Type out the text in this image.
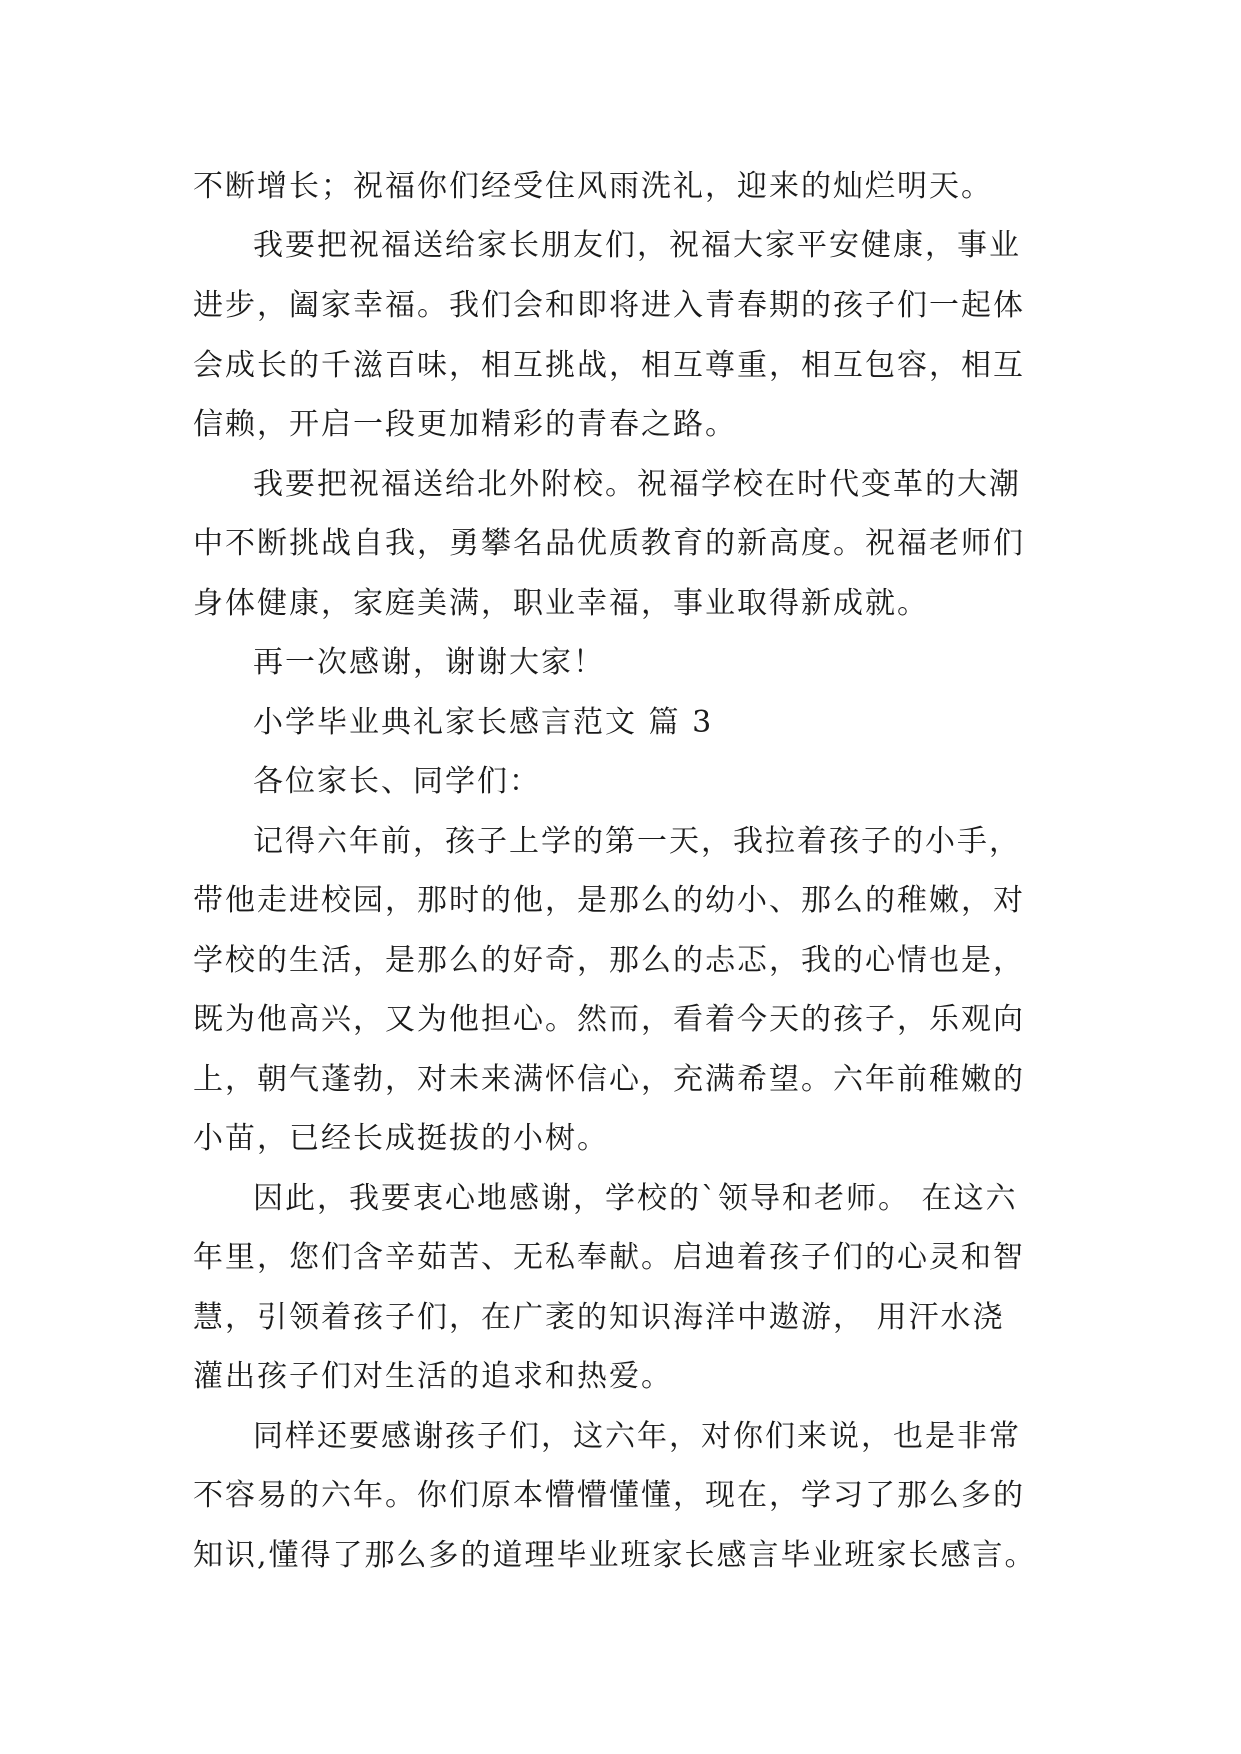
不断增长；祝福你们经受住风雨洗礼，迎来的灿烂明天。
我要把祝福送给家长朋友们，祝福大家平安健康，事业
进步，阖家幸福。我们会和即将进入青春期的孩子们一起体
会成长的千滋百味，相互挑战，相互尊重，相互包容，相互
信赖，开启一段更加精彩的青春之路。
我要把祝福送给北外附校。祝福学校在时代变革的大潮
中不断挑战自我，勇攀名品优质教育的新高度。祝福老师们
身体健康，家庭美满，职业幸福，事业取得新成就。
再一次感谢，谢谢大家！
小学毕业典礼家长感言范文 篇 3
各位家长、同学们：
记得六年前，孩子上学的第一天，我拉着孩子的小手，
带他走进校园，那时的他，是那么的幼小、那么的稚嫩，对
学校的生活，是那么的好奇，那么的忐忑，我的心情也是，
既为他高兴，又为他担心。然而，看着今天的孩子，乐观向
上，朝气蓬勃，对未来满怀信心，充满希望。六年前稚嫩的
小苗，已经长成挺拔的小树。
因此，我要衷心地感谢，学校的`领导和老师。 在这六
年里，您们含辛茹苦、无私奉献。启迪着孩子们的心灵和智
慧，引领着孩子们，在广袤的知识海洋中遨游， 用汗水浇
灌出孩子们对生活的追求和热爱。
同样还要感谢孩子们，这六年，对你们来说，也是非常
不容易的六年。你们原本懵懵懂懂，现在，学习了那么多的
知识,懂得了那么多的道理毕业班家长感言毕业班家长感言。
